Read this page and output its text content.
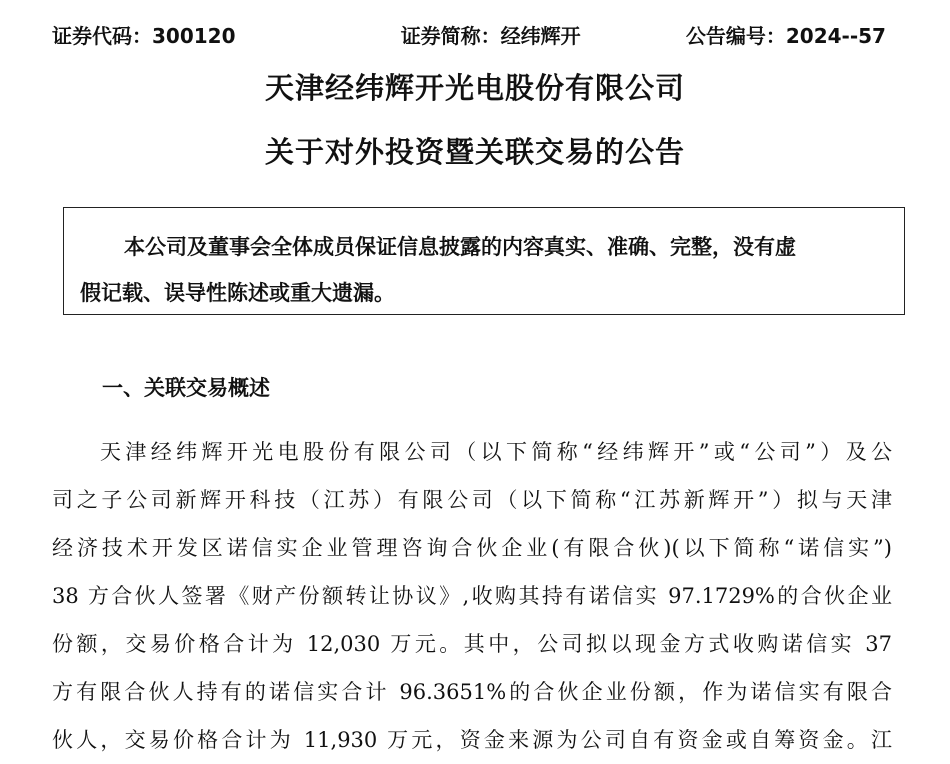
证券代码：300120	证券简称：经纬辉开	公告编号：2024--57
天津经纬辉开光电股份有限公司
关于对外投资暨关联交易的公告
本公司及董事会全体成员保证信息披露的内容真实、准确、完整，没有虚
假记载、误导性陈述或重大遗漏。
一、关联交易概述
天津经纬辉开光电股份有限公司（以下简称“经纬辉开”或“公司”）及公
司之子公司新辉开科技（江苏）有限公司（以下简称“江苏新辉开”）拟与天津
经济技术开发区诺信实企业管理咨询合伙企业(有限合伙)(以下简称“诺信实”)
38 方合伙人签署《财产份额转让协议》,收购其持有诺信实 97.1729%的合伙企业
份额，交易价格合计为 12,030 万元。其中，公司拟以现金方式收购诺信实 37
方有限合伙人持有的诺信实合计 96.3651%的合伙企业份额，作为诺信实有限合
伙人，交易价格合计为 11,930 万元，资金来源为公司自有资金或自筹资金。江
